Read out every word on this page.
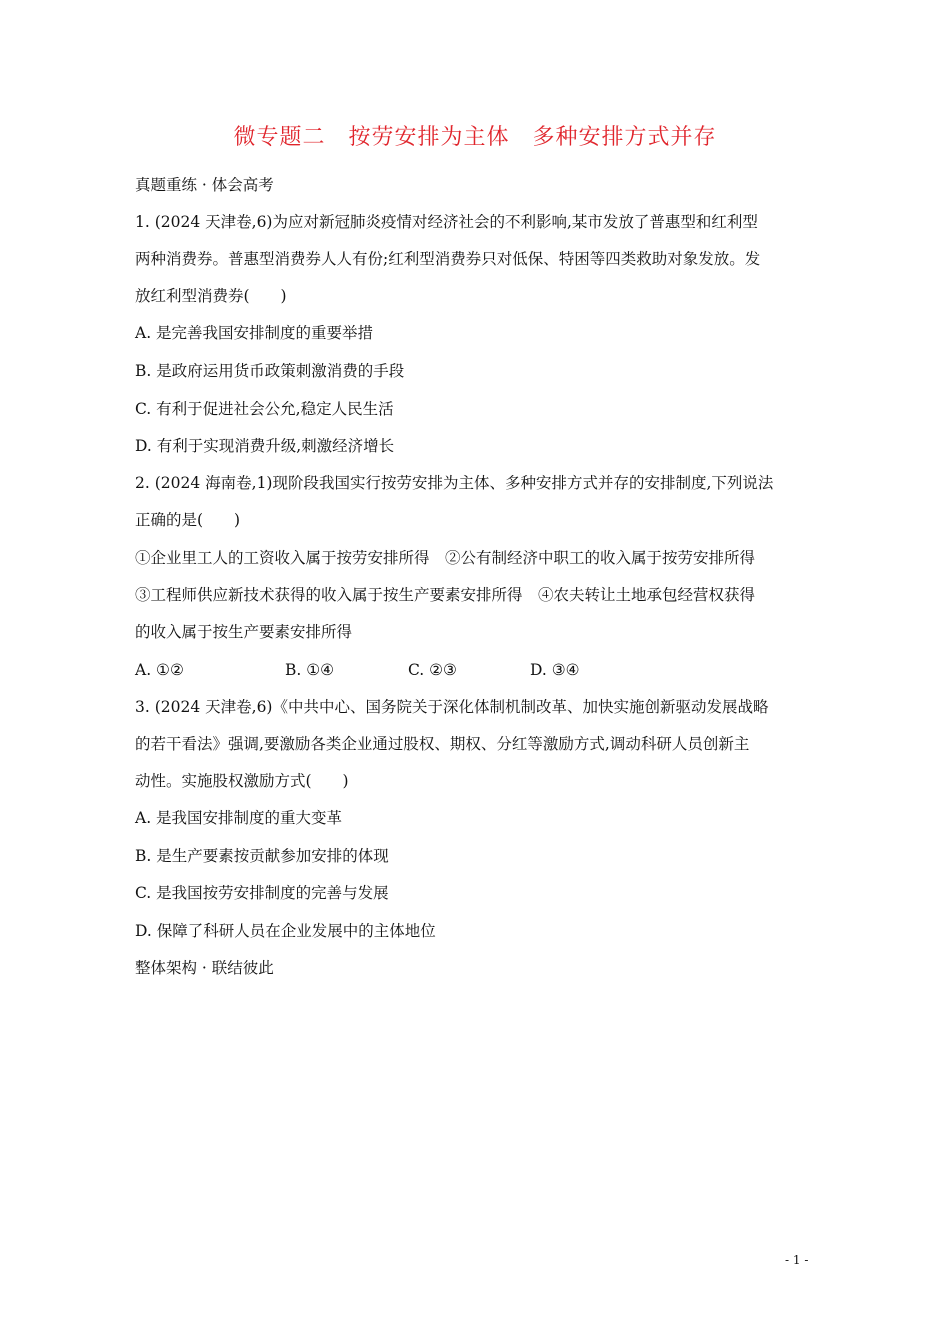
微专题二　按劳安排为主体　多种安排方式并存
真题重练 · 体会高考
1. (2024 天津卷,6)为应对新冠肺炎疫情对经济社会的不利影响,某市发放了普惠型和红利型
两种消费券。普惠型消费券人人有份;红利型消费券只对低保、特困等四类救助对象发放。发
放红利型消费券(　　)
A. 是完善我国安排制度的重要举措
B. 是政府运用货币政策刺激消费的手段
C. 有利于促进社会公允,稳定人民生活
D. 有利于实现消费升级,刺激经济增长
2. (2024 海南卷,1)现阶段我国实行按劳安排为主体、多种安排方式并存的安排制度,下列说法
正确的是(　　)
①企业里工人的工资收入属于按劳安排所得　②公有制经济中职工的收入属于按劳安排所得
③工程师供应新技术获得的收入属于按生产要素安排所得　④农夫转让土地承包经营权获得
的收入属于按生产要素安排所得
A. ①②	B. ①④	C. ②③	D. ③④
3. (2024 天津卷,6)《中共中心、国务院关于深化体制机制改革、加快实施创新驱动发展战略
的若干看法》强调,要激励各类企业通过股权、期权、分红等激励方式,调动科研人员创新主
动性。实施股权激励方式(　　)
A. 是我国安排制度的重大变革
B. 是生产要素按贡献参加安排的体现
C. 是我国按劳安排制度的完善与发展
D. 保障了科研人员在企业发展中的主体地位
整体架构 · 联结彼此
- 1 -
